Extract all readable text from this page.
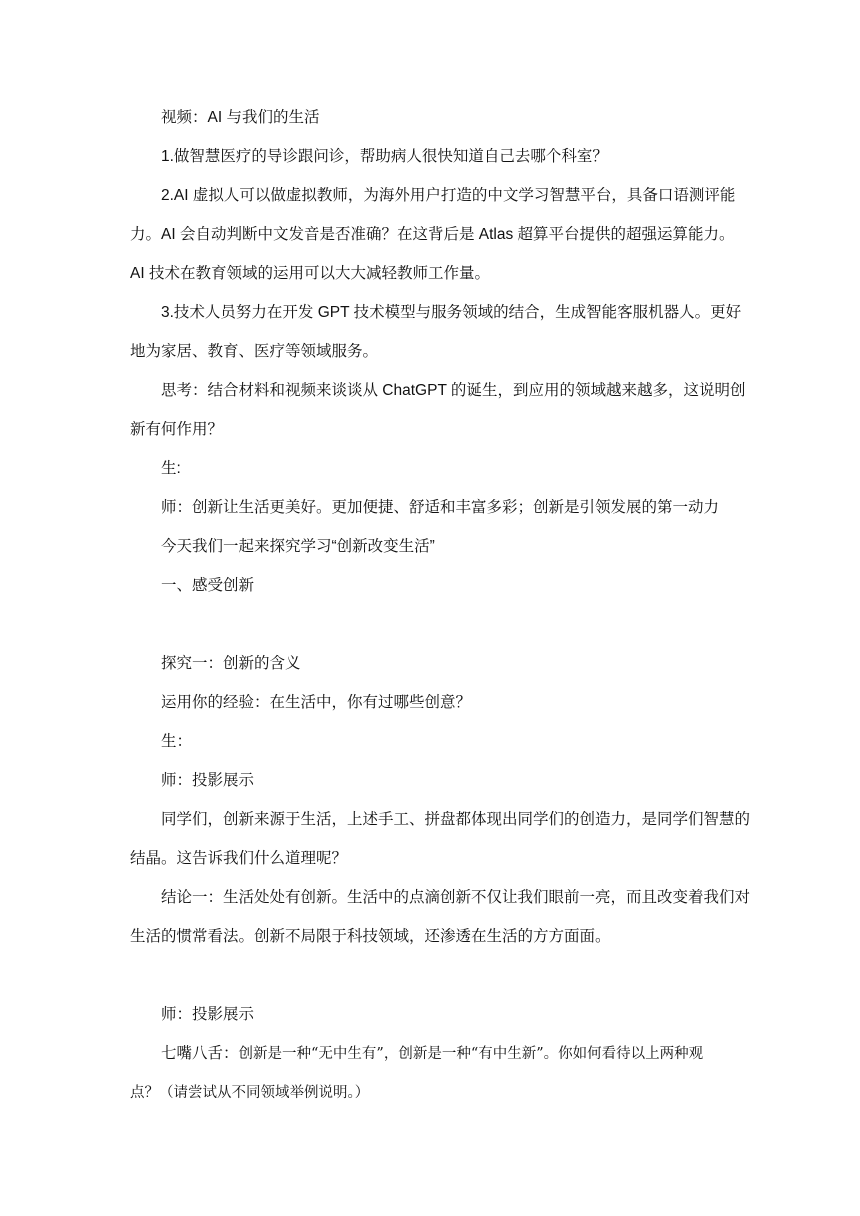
视频：AI 与我们的生活
1.做智慧医疗的导诊跟问诊，帮助病人很快知道自己去哪个科室？
2.AI 虚拟人可以做虚拟教师，为海外用户打造的中文学习智慧平台，具备口语测评能
力。AI 会自动判断中文发音是否准确？在这背后是 Atlas 超算平台提供的超强运算能力。
AI 技术在教育领域的运用可以大大减轻教师工作量。
3.技术人员努力在开发 GPT 技术模型与服务领域的结合，生成智能客服机器人。更好
地为家居、教育、医疗等领域服务。
思考：结合材料和视频来谈谈从 ChatGPT 的诞生，到应用的领域越来越多，这说明创
新有何作用？
生:
师：创新让生活更美好。更加便捷、舒适和丰富多彩；创新是引领发展的第一动力
今天我们一起来探究学习“创新改变生活”
一、感受创新
探究一：创新的含义
运用你的经验：在生活中，你有过哪些创意？
生：
师：投影展示
同学们，创新来源于生活，上述手工、拼盘都体现出同学们的创造力，是同学们智慧的
结晶。这告诉我们什么道理呢？
结论一：生活处处有创新。生活中的点滴创新不仅让我们眼前一亮，而且改变着我们对
生活的惯常看法。创新不局限于科技领域，还渗透在生活的方方面面。
师：投影展示
七嘴八舌：创新是一种“无中生有”，创新是一种“有中生新”。你如何看待以上两种观
点？（请尝试从不同领域举例说明。）
